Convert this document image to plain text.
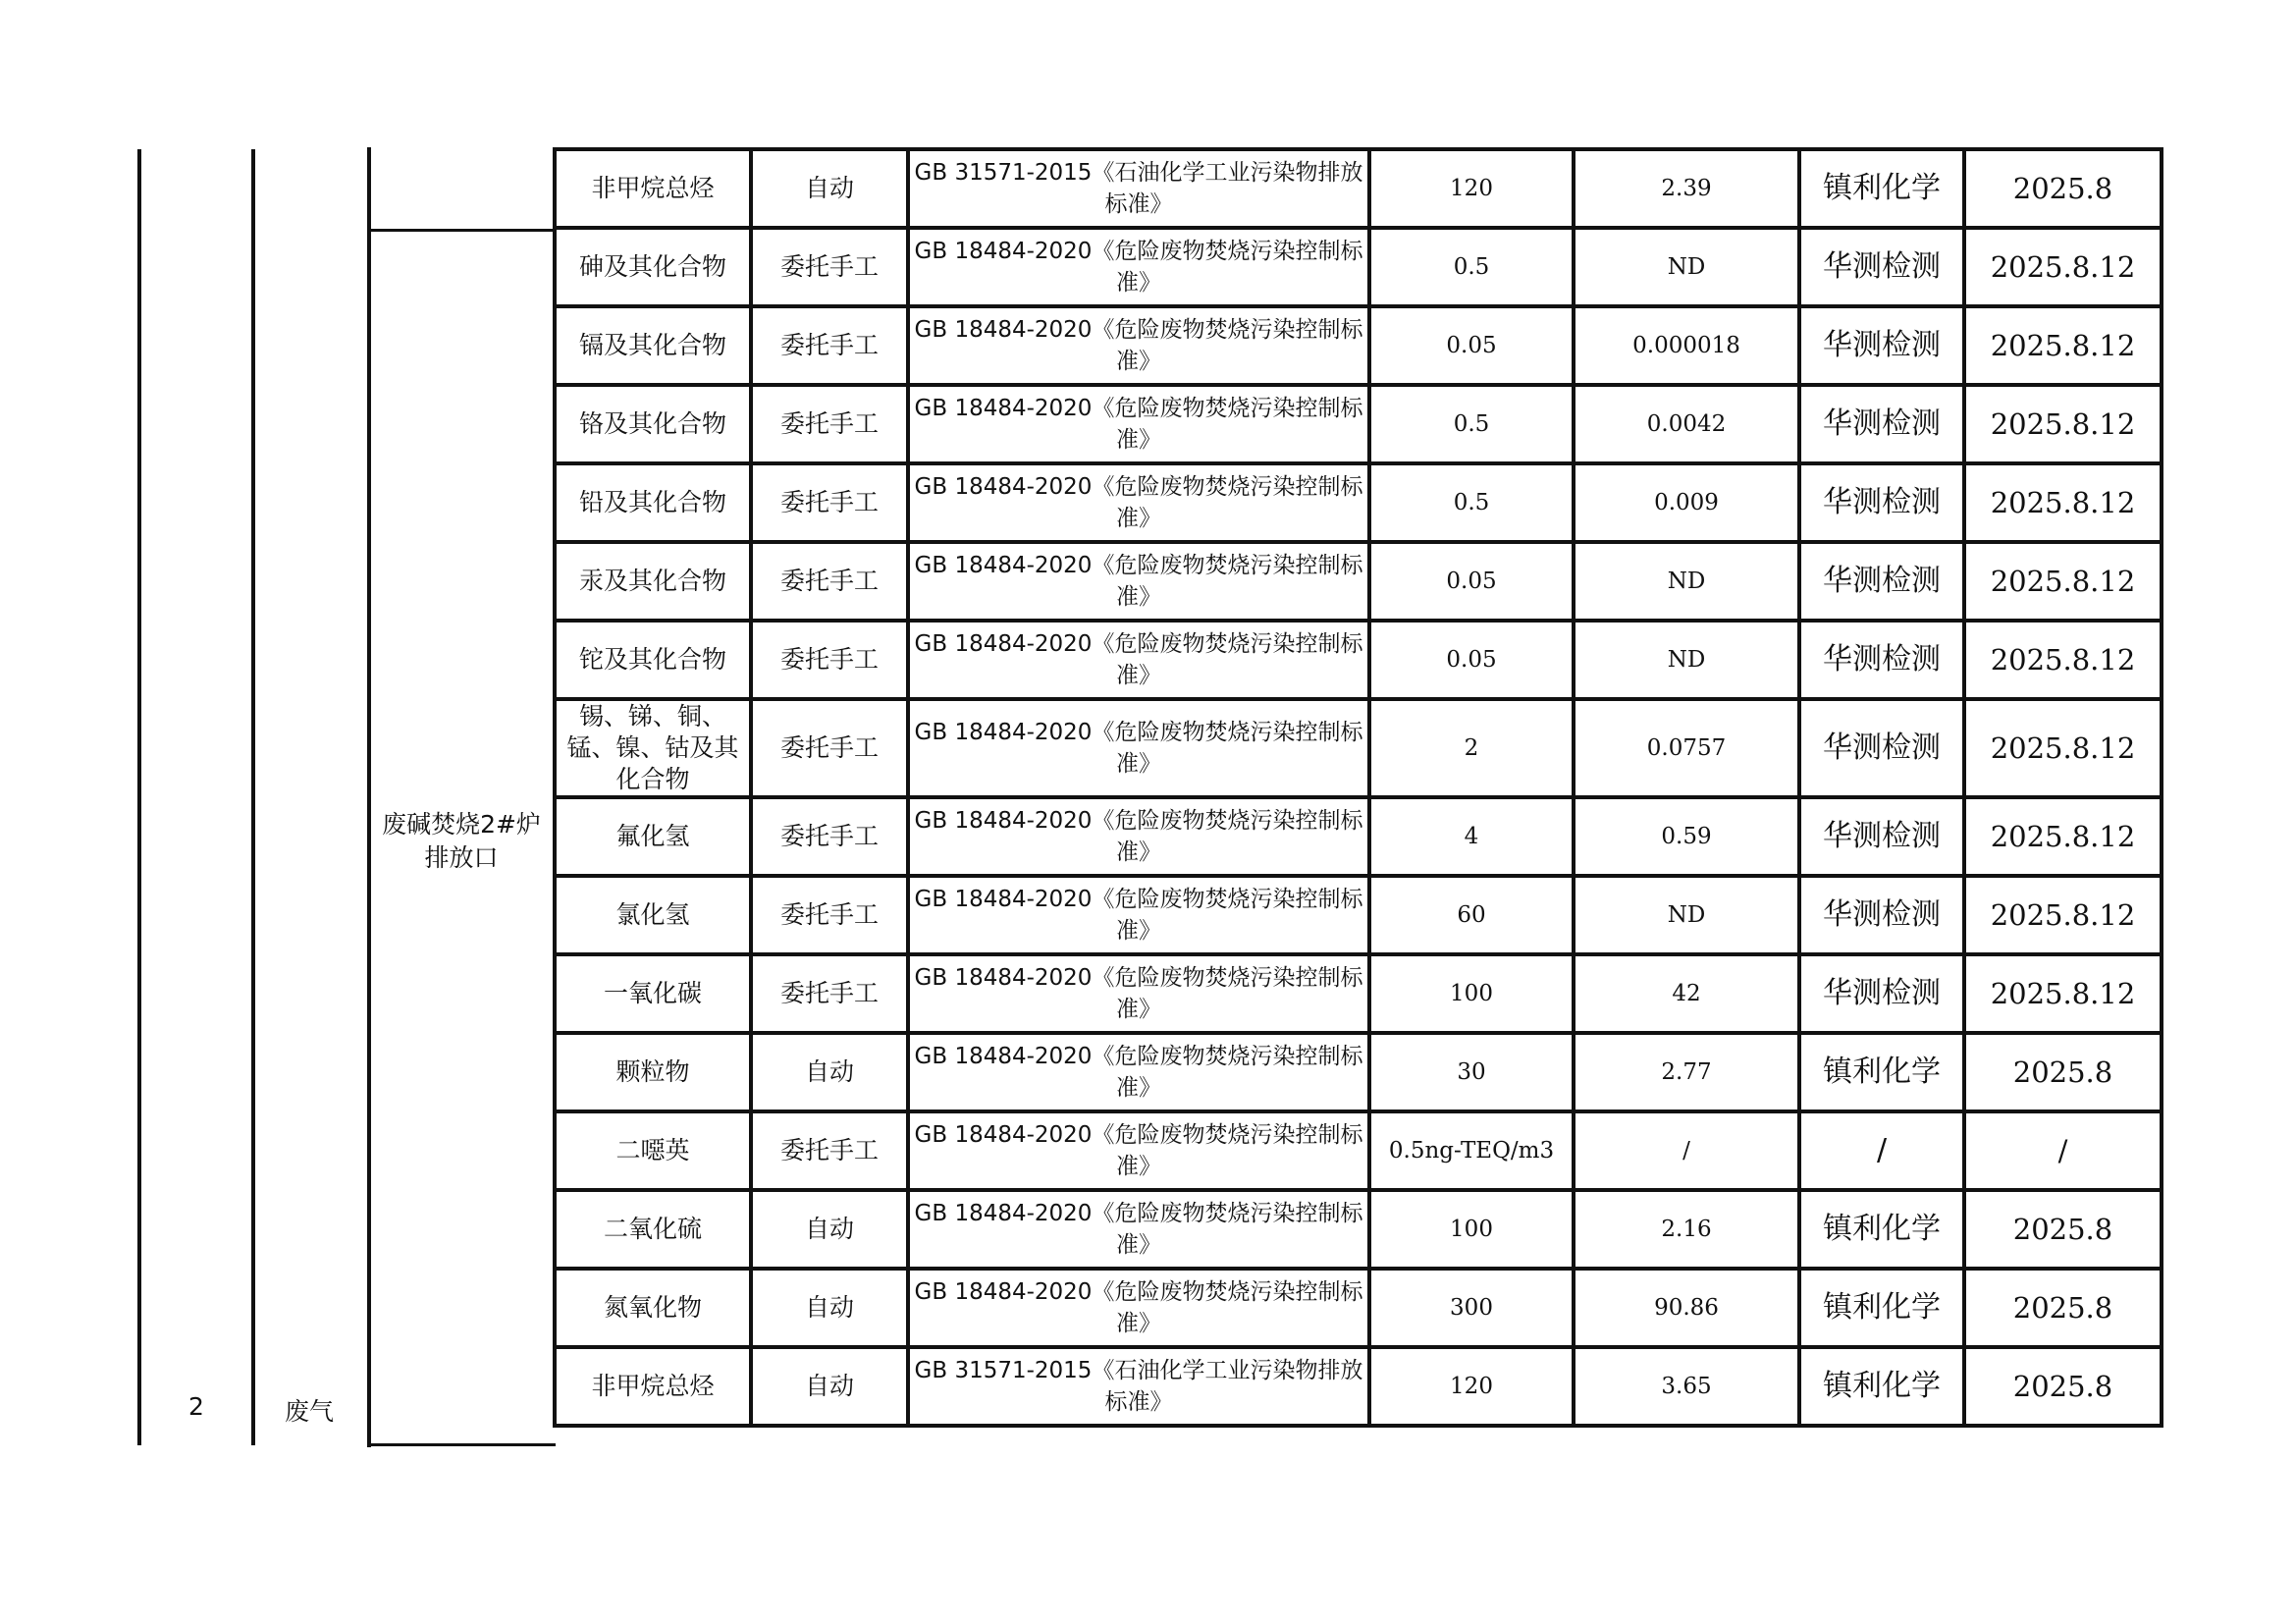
2	废气
废碱焚烧2#炉排放口
非甲烷总烃	自动	GB 31571-2015《石油化学工业污染物排放标准》	120	2.39	镇利化学	2025.8
砷及其化合物	委托手工	GB 18484-2020《危险废物焚烧污染控制标准》	0.5	ND	华测检测	2025.8.12
镉及其化合物	委托手工	GB 18484-2020《危险废物焚烧污染控制标准》	0.05	0.000018	华测检测	2025.8.12
铬及其化合物	委托手工	GB 18484-2020《危险废物焚烧污染控制标准》	0.5	0.0042	华测检测	2025.8.12
铅及其化合物	委托手工	GB 18484-2020《危险废物焚烧污染控制标准》	0.5	0.009	华测检测	2025.8.12
汞及其化合物	委托手工	GB 18484-2020《危险废物焚烧污染控制标准》	0.05	ND	华测检测	2025.8.12
铊及其化合物	委托手工	GB 18484-2020《危险废物焚烧污染控制标准》	0.05	ND	华测检测	2025.8.12
锡、锑、铜、锰、镍、钴及其化合物	委托手工	GB 18484-2020《危险废物焚烧污染控制标准》	2	0.0757	华测检测	2025.8.12
氟化氢	委托手工	GB 18484-2020《危险废物焚烧污染控制标准》	4	0.59	华测检测	2025.8.12
氯化氢	委托手工	GB 18484-2020《危险废物焚烧污染控制标准》	60	ND	华测检测	2025.8.12
一氧化碳	委托手工	GB 18484-2020《危险废物焚烧污染控制标准》	100	42	华测检测	2025.8.12
颗粒物	自动	GB 18484-2020《危险废物焚烧污染控制标准》	30	2.77	镇利化学	2025.8
二噁英	委托手工	GB 18484-2020《危险废物焚烧污染控制标准》	0.5ng-TEQ/m3	/	/	/
二氧化硫	自动	GB 18484-2020《危险废物焚烧污染控制标准》	100	2.16	镇利化学	2025.8
氮氧化物	自动	GB 18484-2020《危险废物焚烧污染控制标准》	300	90.86	镇利化学	2025.8
非甲烷总烃	自动	GB 31571-2015《石油化学工业污染物排放标准》	120	3.65	镇利化学	2025.8
